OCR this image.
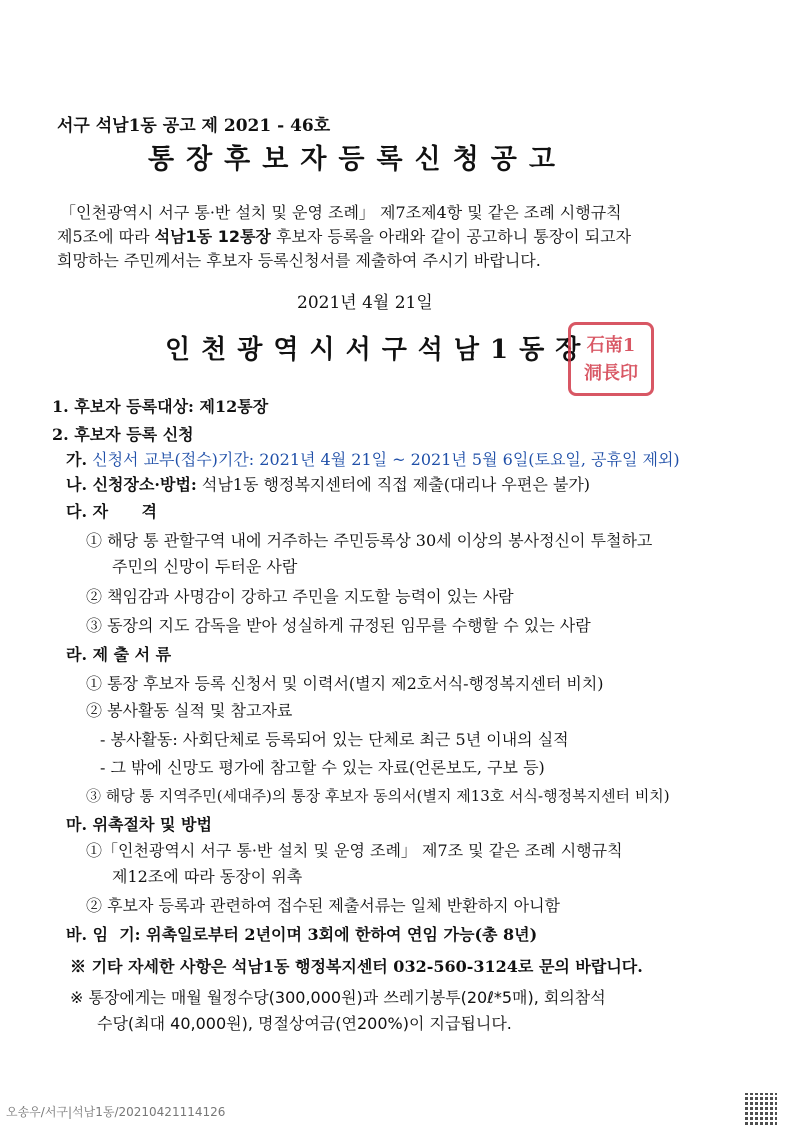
서구 석남1동 공고 제 2021 - 46호
통장후보자등록신청공고
「인천광역시 서구 통·반 설치 및 운영 조례」 제7조제4항 및 같은 조례 시행규칙
제5조에 따라 석남1동 12통장 후보자 등록을 아래와 같이 공고하니 통장이 되고자
희망하는 주민께서는 후보자 등록신청서를 제출하여 주시기 바랍니다.
2021년 4월 21일
인천광역시서구석남1동장
石南1
洞長印
1. 후보자 등록대상: 제12통장
2. 후보자 등록 신청
가. 신청서 교부(접수)기간: 2021년 4월 21일 ~ 2021년 5월 6일(토요일, 공휴일 제외)
나. 신청장소·방법: 석남1동 행정복지센터에 직접 제출(대리나 우편은 불가)
다. 자      격
① 해당 통 관할구역 내에 거주하는 주민등록상 30세 이상의 봉사정신이 투철하고
주민의 신망이 두터운 사람
② 책임감과 사명감이 강하고 주민을 지도할 능력이 있는 사람
③ 동장의 지도 감독을 받아 성실하게 규정된 임무를 수행할 수 있는 사람
라. 제 출 서 류
① 통장 후보자 등록 신청서 및 이력서(별지 제2호서식-행정복지센터 비치)
② 봉사활동 실적 및 참고자료
- 봉사활동: 사회단체로 등록되어 있는 단체로 최근 5년 이내의 실적
- 그 밖에 신망도 평가에 참고할 수 있는 자료(언론보도, 구보 등)
③ 해당 통 지역주민(세대주)의 통장 후보자 동의서(별지 제13호 서식-행정복지센터 비치)
마. 위촉절차 및 방법
①「인천광역시 서구 통·반 설치 및 운영 조례」 제7조 및 같은 조례 시행규칙
제12조에 따라 동장이 위촉
② 후보자 등록과 관련하여 접수된 제출서류는 일체 반환하지 아니함
바. 임  기: 위촉일로부터 2년이며 3회에 한하여 연임 가능(총 8년)
※ 기타 자세한 사항은 석남1동 행정복지센터 032-560-3124로 문의 바랍니다.
※ 통장에게는 매월 월정수당(300,000원)과 쓰레기봉투(20ℓ*5매), 회의참석
수당(최대 40,000원), 명절상여금(연200%)이 지급됩니다.
오송우/서구|석남1동/20210421114126
